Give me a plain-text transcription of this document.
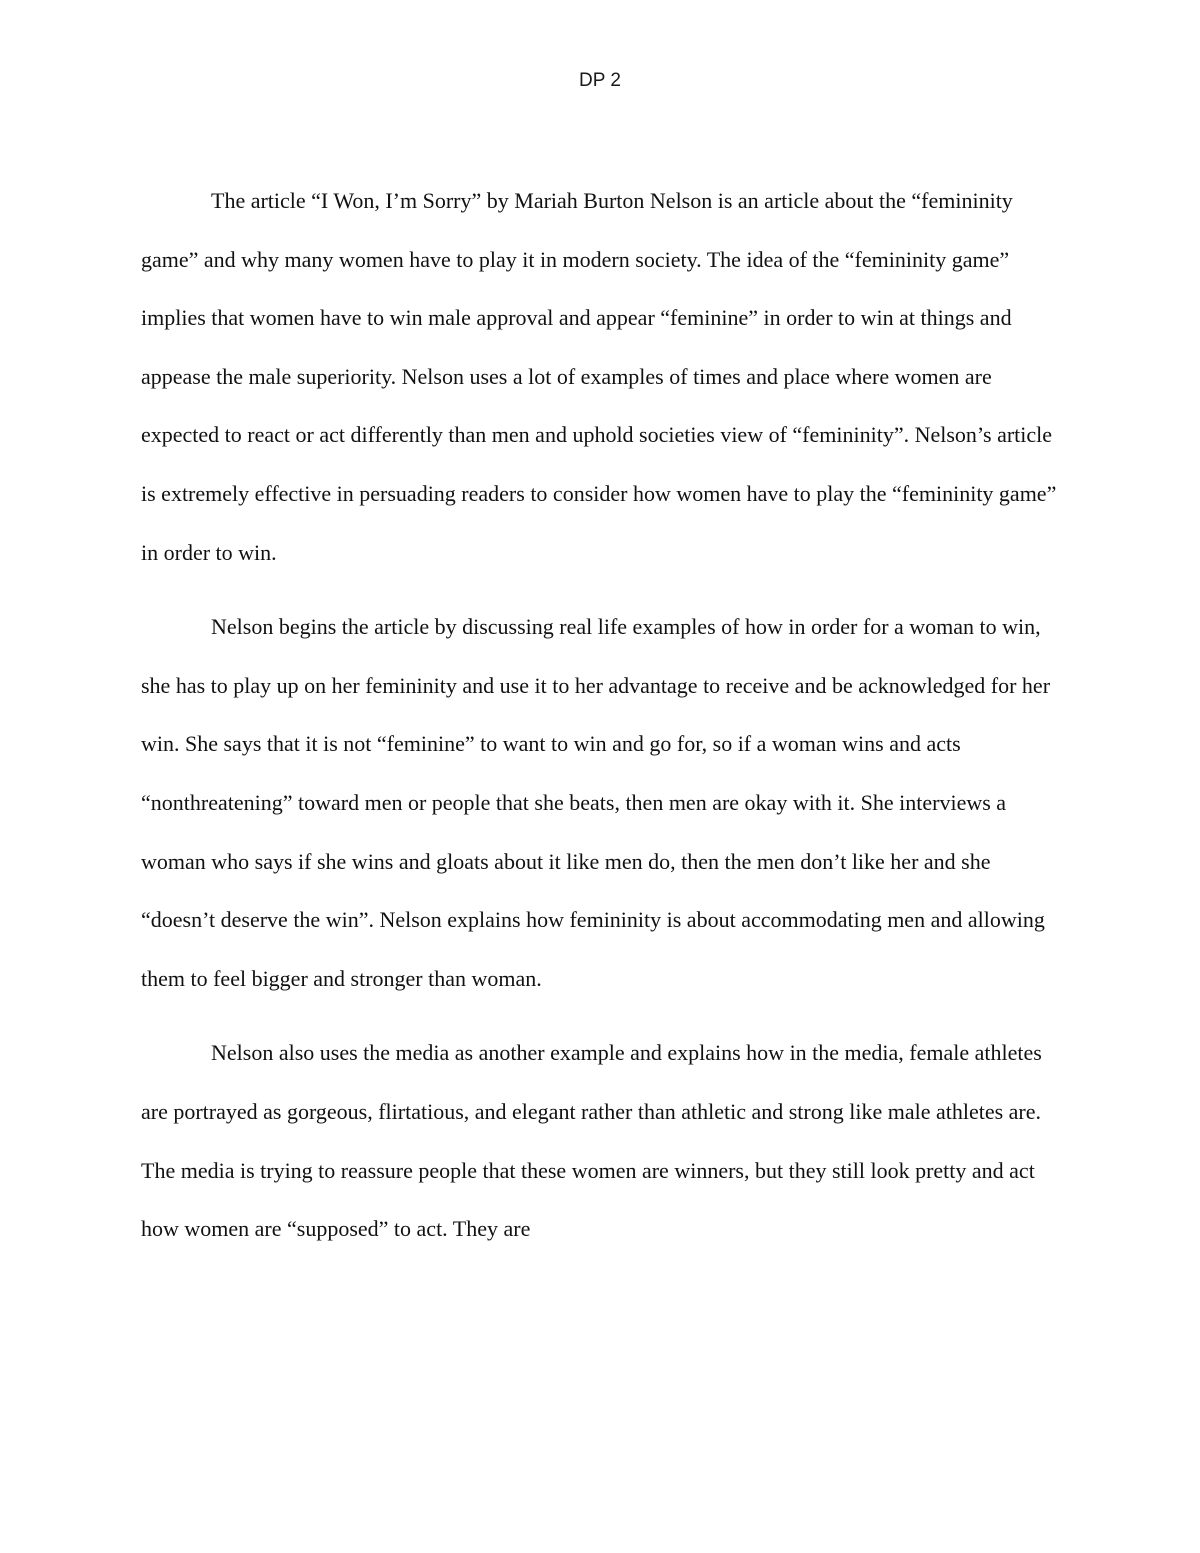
DP 2

The article “I Won, I’m Sorry” by Mariah Burton Nelson is an article about the “femininity game” and why many women have to play it in modern society. The idea of the “femininity game” implies that women have to win male approval and appear “feminine” in order to win at things and appease the male superiority. Nelson uses a lot of examples of times and place where women are expected to react or act differently than men and uphold societies view of “femininity”. Nelson’s article is extremely effective in persuading readers to consider how women have to play the “femininity game” in order to win.

Nelson begins the article by discussing real life examples of how in order for a woman to win, she has to play up on her femininity and use it to her advantage to receive and be acknowledged for her win. She says that it is not “feminine” to want to win and go for, so if a woman wins and acts “nonthreatening” toward men or people that she beats, then men are okay with it. She interviews a woman who says if she wins and gloats about it like men do, then the men don’t like her and she “doesn’t deserve the win”. Nelson explains how femininity is about accommodating men and allowing them to feel bigger and stronger than woman.

Nelson also uses the media as another example and explains how in the media, female athletes are portrayed as gorgeous, flirtatious, and elegant rather than athletic and strong like male athletes are. The media is trying to reassure people that these women are winners, but they still look pretty and act how women are “supposed” to act. They are
